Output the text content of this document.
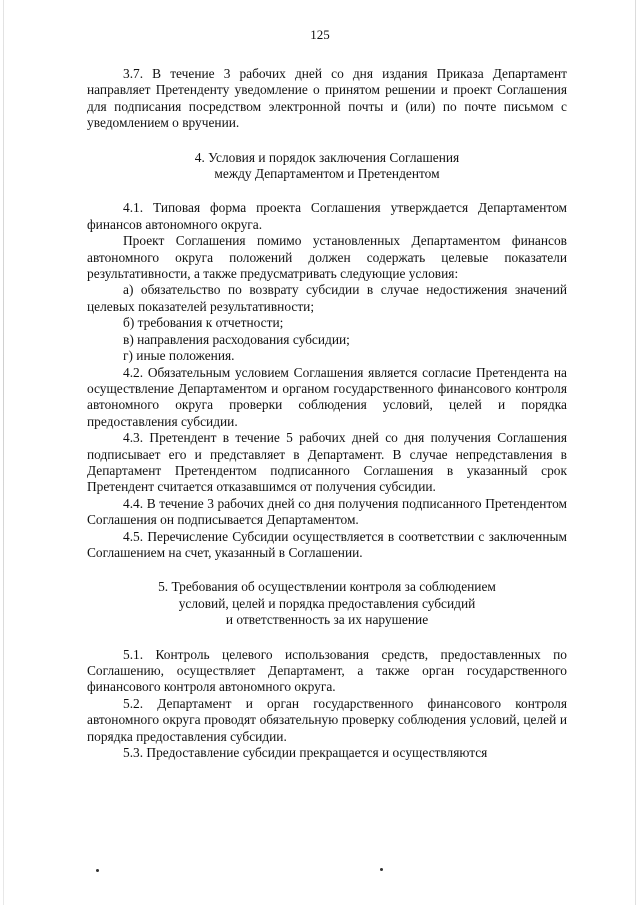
125

3.7. В течение 3 рабочих дней со дня издания Приказа Департамент направляет Претенденту уведомление о принятом решении и проект Соглашения для подписания посредством электронной почты и (или) по почте письмом с уведомлением о вручении.

4. Условия и порядок заключения Соглашения

между Департаментом и Претендентом

4.1. Типовая форма проекта Соглашения утверждается Департаментом финансов автономного округа.

Проект Соглашения помимо установленных Департаментом финансов автономного округа положений должен содержать целевые показатели результативности, а также предусматривать следующие условия:

а) обязательство по возврату субсидии в случае недостижения значений целевых показателей результативности;

б) требования к отчетности;

в) направления расходования субсидии;

г) иные положения.

4.2. Обязательным условием Соглашения является согласие Претендента на осуществление Департаментом и органом государственного финансового контроля автономного округа проверки соблюдения условий, целей и порядка предоставления субсидии.

4.3. Претендент в течение 5 рабочих дней со дня получения Соглашения подписывает его и представляет в Департамент. В случае непредставления в Департамент Претендентом подписанного Соглашения в указанный срок Претендент считается отказавшимся от получения субсидии.

4.4. В течение 3 рабочих дней со дня получения подписанного Претендентом Соглашения он подписывается Департаментом.

4.5. Перечисление Субсидии осуществляется в соответствии с заключенным Соглашением на счет, указанный в Соглашении.

5. Требования об осуществлении контроля за соблюдением

условий, целей и порядка предоставления субсидий

и ответственность за их нарушение

5.1. Контроль целевого использования средств, предоставленных по Соглашению, осуществляет Департамент, а также орган государственного финансового контроля автономного округа.

5.2. Департамент и орган государственного финансового контроля автономного округа проводят обязательную проверку соблюдения условий, целей и порядка предоставления субсидии.

5.3. Предоставление субсидии прекращается и осуществляются
